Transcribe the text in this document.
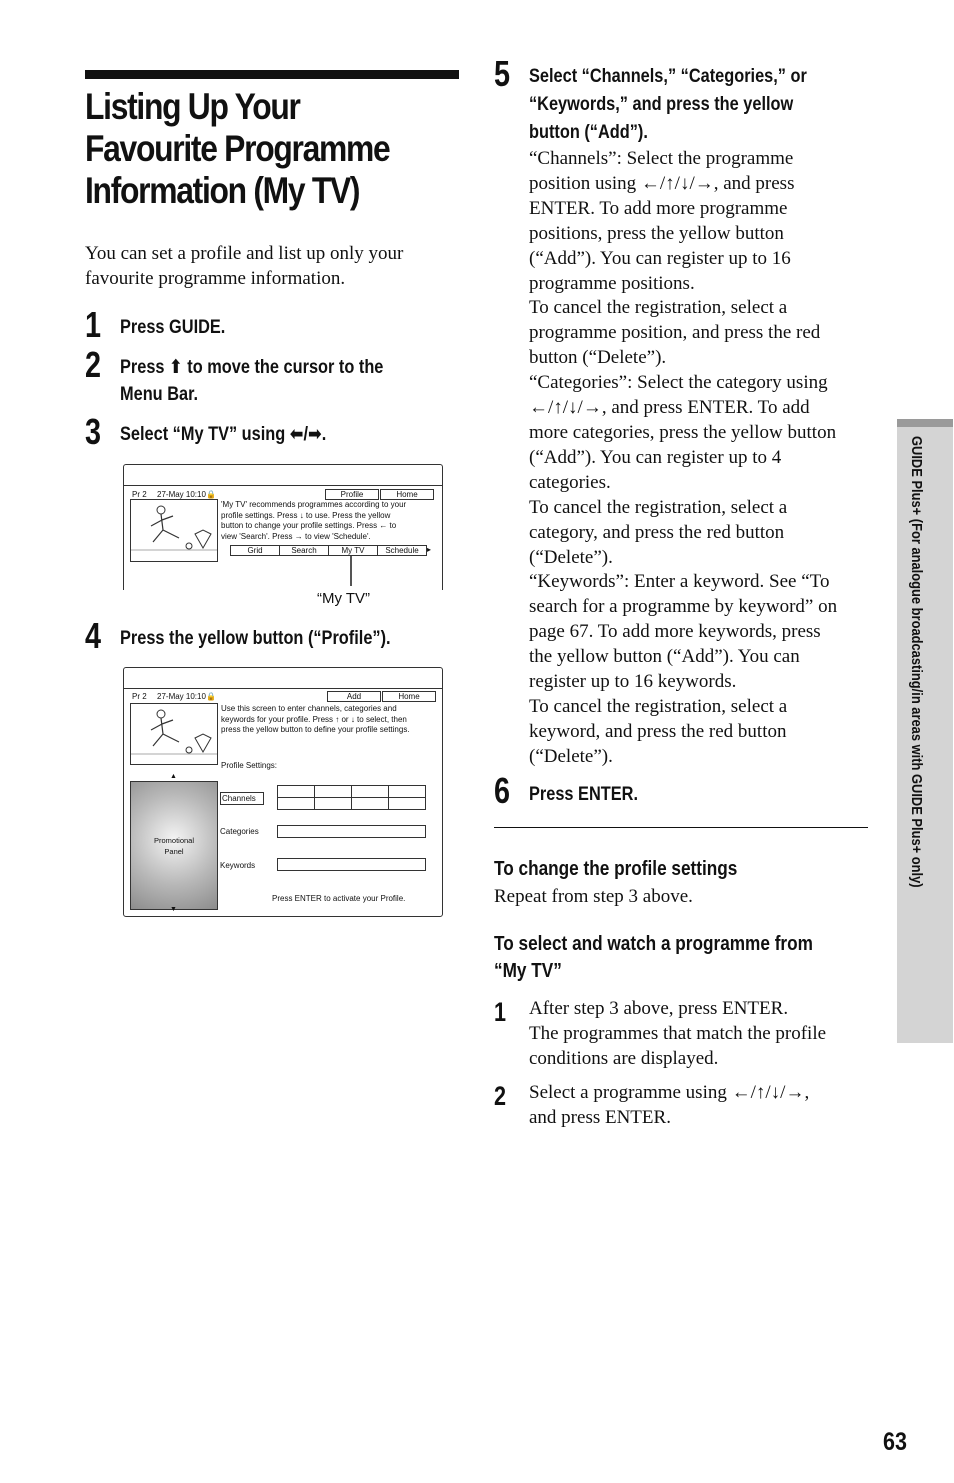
Listing Up Your
Favourite Programme
Information (My TV)
You can set a profile and list up only your
favourite programme information.
1 Press GUIDE.
2 Press ⬆ to move the cursor to the
Menu Bar.
3 Select “My TV” using ⬅/➡.
Pr 2 27-May 10:10 🔒	Profile	Home
'My TV' recommends programmes according to your
profile settings. Press ↓ to use. Press the yellow
button to change your profile settings. Press ← to
view 'Search'. Press → to view 'Schedule'.
Grid	Search	My TV	Schedule	▸
“My TV”
4 Press the yellow button (“Profile”).
Pr 2 27-May 10:10 🔒	Add	Home
Use this screen to enter channels, categories and
keywords for your profile. Press ↑ or ↓ to select, then
press the yellow button to define your profile settings.
Profile Settings:
▲
Promotional
Panel
▼
Channels
Categories
Keywords
Press ENTER to activate your Profile.
5 Select “Channels,” “Categories,” or
“Keywords,” and press the yellow
button (“Add”).
“Channels”: Select the programme
position using ←/↑/↓/→, and press
ENTER. To add more programme
positions, press the yellow button
(“Add”). You can register up to 16
programme positions.
To cancel the registration, select a
programme position, and press the red
button (“Delete”).
“Categories”: Select the category using
←/↑/↓/→, and press ENTER. To add
more categories, press the yellow button
(“Add”). You can register up to 4
categories.
To cancel the registration, select a
category, and press the red button
(“Delete”).
“Keywords”: Enter a keyword. See “To
search for a programme by keyword” on
page 67. To add more keywords, press
the yellow button (“Add”). You can
register up to 16 keywords.
To cancel the registration, select a
keyword, and press the red button
(“Delete”).
6 Press ENTER.
To change the profile settings
Repeat from step 3 above.
To select and watch a programme from
“My TV”
1 After step 3 above, press ENTER.
The programmes that match the profile
conditions are displayed.
2 Select a programme using ←/↑/↓/→,
and press ENTER.
GUIDE Plus+ (For analogue broadcasting/in areas with GUIDE Plus+ only)
63
